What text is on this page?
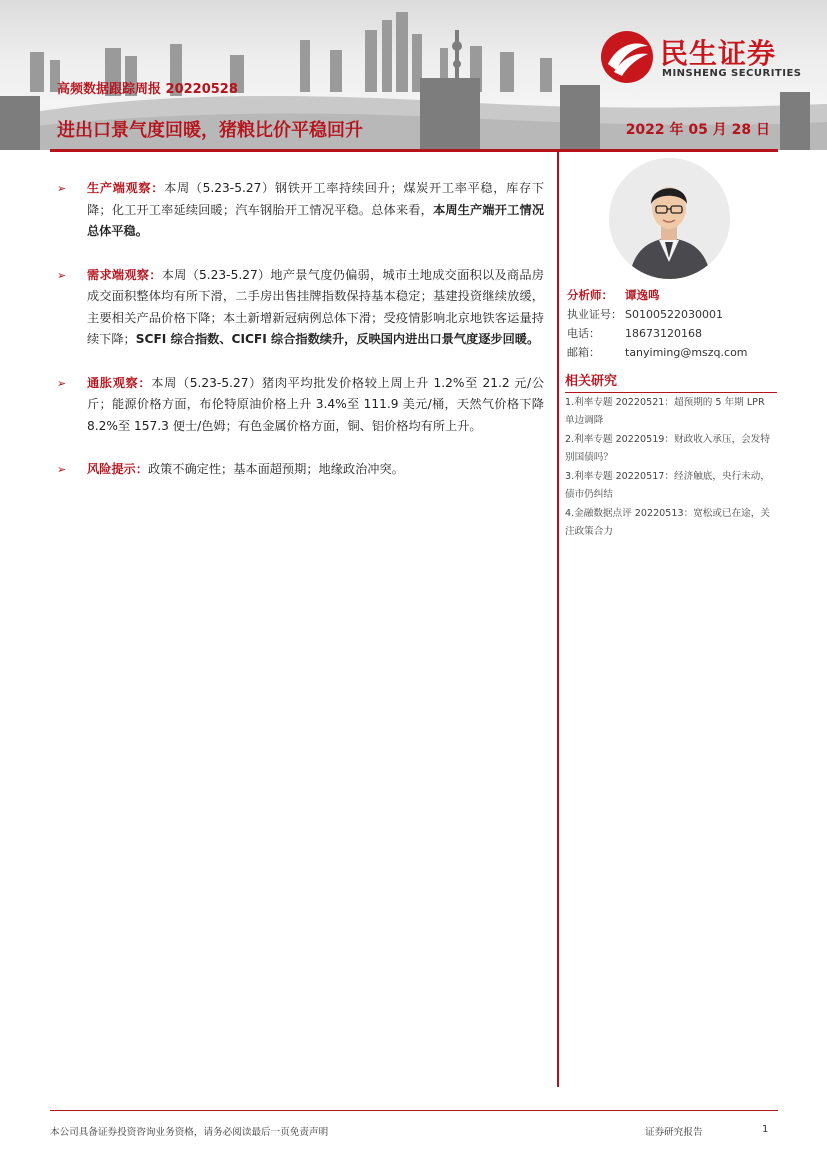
民生证券
MINSHENG SECURITIES
高频数据跟踪周报 20220528
进出口景气度回暖，猪粮比价平稳回升	2022 年 05 月 28 日
➢ 生产端观察：本周（5.23-5.27）钢铁开工率持续回升；煤炭开工率平稳，库存下降；化工开工率延续回暖；汽车钢胎开工情况平稳。总体来看，本周生产端开工情况总体平稳。
➢ 需求端观察：本周（5.23-5.27）地产景气度仍偏弱，城市土地成交面积以及商品房成交面积整体均有所下滑，二手房出售挂牌指数保持基本稳定；基建投资继续放缓，主要相关产品价格下降；本土新增新冠病例总体下滑；受疫情影响北京地铁客运量持续下降；SCFI 综合指数、CICFI 综合指数续升，反映国内进出口景气度逐步回暖。
➢ 通胀观察：本周（5.23-5.27）猪肉平均批发价格较上周上升 1.2%至 21.2 元/公斤；能源价格方面，布伦特原油价格上升 3.4%至 111.9 美元/桶，天然气价格下降 8.2%至 157.3 便士/色姆；有色金属价格方面，铜、铝价格均有所上升。
➢ 风险提示：政策不确定性；基本面超预期；地缘政治冲突。
分析师： 谭逸鸣
执业证号： S0100522030001
电话： 18673120168
邮箱： tanyiming@mszq.com
相关研究
1.利率专题 20220521：超预期的 5 年期 LPR 单边调降
2.利率专题 20220519：财政收入承压，会发特别国债吗？
3.利率专题 20220517：经济触底，央行未动，债市仍纠结
4.金融数据点评 20220513：宽松或已在途，关注政策合力
本公司具备证券投资咨询业务资格，请务必阅读最后一页免责声明	证券研究报告	1
